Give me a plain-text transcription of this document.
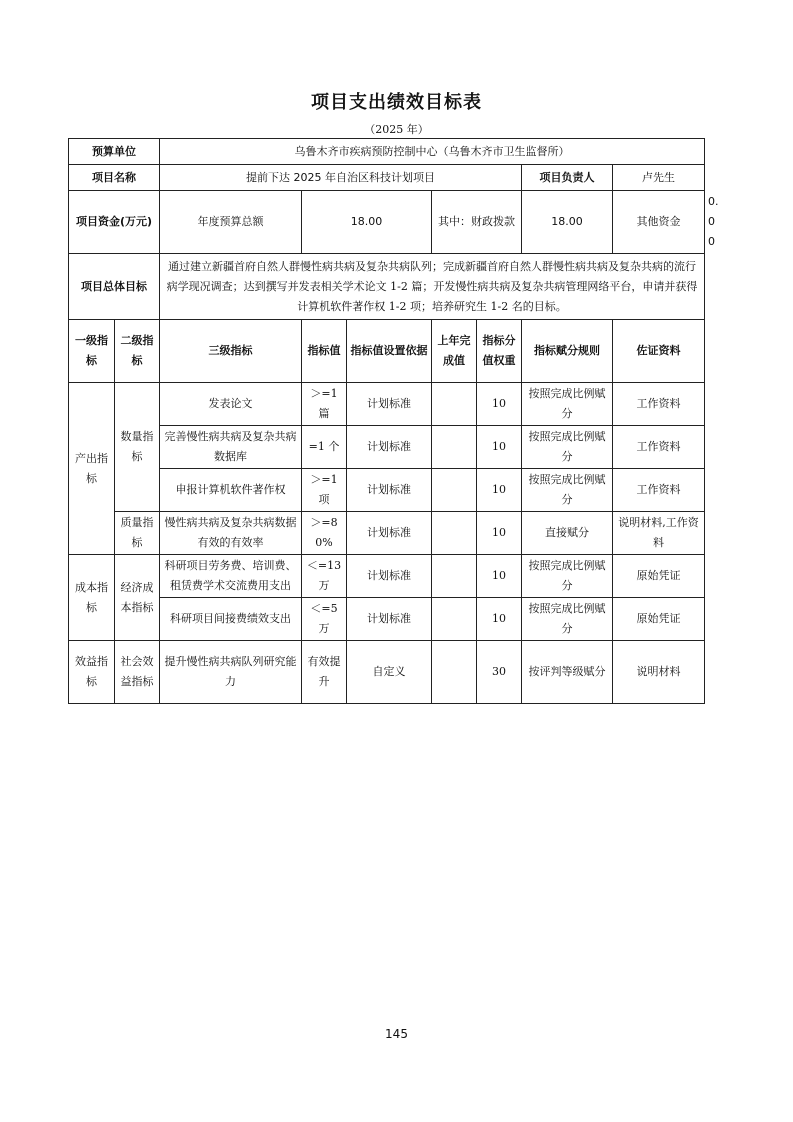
项目支出绩效目标表
（2025 年）
预算单位		乌鲁木齐市疾病预防控制中心（乌鲁木齐市卫生监督所）							
项目名称		提前下达 2025 年自治区科技计划项目					项目负责人	卢先生	
项目资金(万元)		年度预算总额	18.00		其中：财政拨款		18.00	其他资金	0.00
项目总体目标		通过建立新疆首府自然人群慢性病共病及复杂共病队列；完成新疆首府自然人群慢性病共病及复杂共病的流行病学现况调查；达到撰写并发表相关学术论文 1-2 篇；开发慢性病共病及复杂共病管理网络平台，申请并获得计算机软件著作权 1-2 项；培养研究生 1-2 名的目标。							
一级指标	二级指标	三级指标	指标值	指标值设置依据	上年完成值	指标分值权重	指标赋分规则	佐证资料	
产出指标	数量指标	发表论文	＞=1 篇	计划标准		10	按照完成比例赋分	工作资料	
		完善慢性病共病及复杂共病数据库	=1 个	计划标准		10	按照完成比例赋分	工作资料	
		申报计算机软件著作权	＞=1 项	计划标准		10	按照完成比例赋分	工作资料	
	质量指标	慢性病共病及复杂共病数据有效的有效率	＞=80%	计划标准		10	直接赋分	说明材料,工作资料	
成本指标	经济成本指标	科研项目劳务费、培训费、租赁费学术交流费用支出	＜=13 万	计划标准		10	按照完成比例赋分	原始凭证	
		科研项目间接费绩效支出	＜=5 万	计划标准		10	按照完成比例赋分	原始凭证	
效益指标	社会效益指标	提升慢性病共病队列研究能力	有效提升	自定义		30	按评判等级赋分	说明材料	
145
